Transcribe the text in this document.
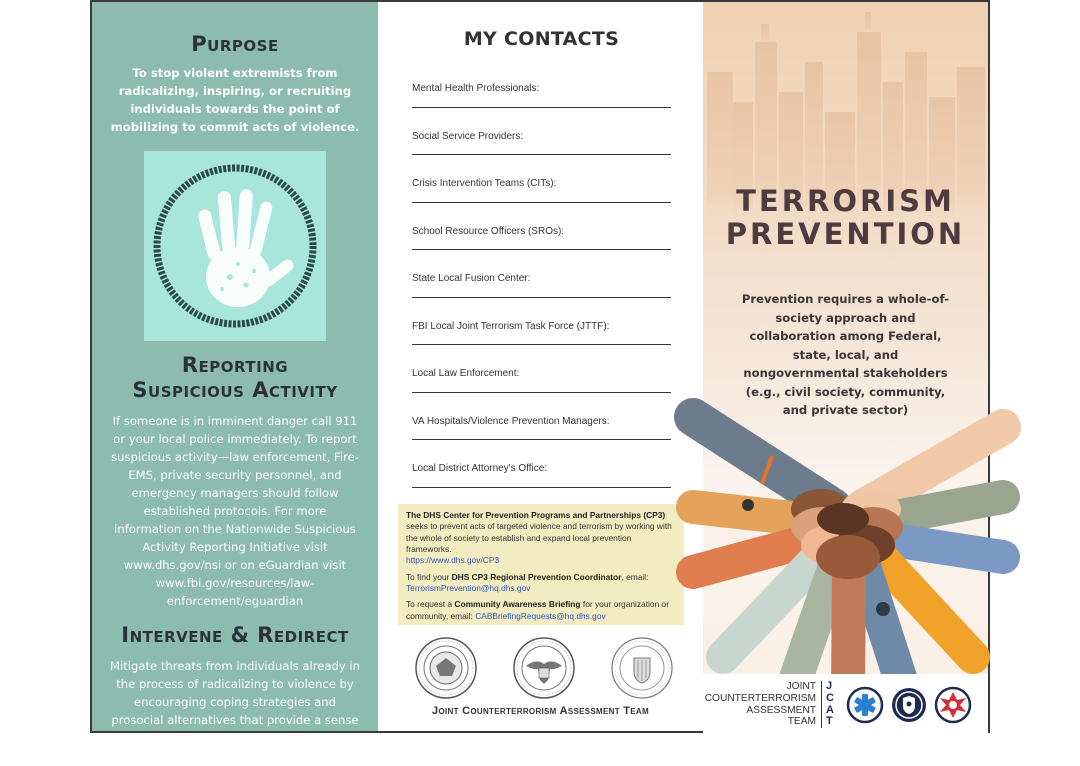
Purpose

To stop violent extremists from radicalizing, inspiring, or recruiting individuals towards the point of mobilizing to commit acts of violence.

Reporting
Suspicious Activity

If someone is in imminent danger call 911 or your local police immediately. To report suspicious activity—law enforcement, Fire-EMS, private security personnel, and emergency managers should follow established protocols. For more information on the Nationwide Suspicious Activity Reporting Initiative visit www.dhs.gov/nsi or on eGuardian visit www.fbi.gov/resources/law-enforcement/eguardian

Intervene & Redirect

Mitigate threats from individuals already in the process of radicalizing to violence by encouraging coping strategies and prosocial alternatives that provide a sense of community cohesiveness and belonging.

MY CONTACTS
Mental Health Professionals:
Social Service Providers:
Crisis Intervention Teams (CITs):
School Resource Officers (SROs):
State Local Fusion Center:
FBI Local Joint Terrorism Task Force (JTTF):
Local Law Enforcement:
VA Hospitals/Violence Prevention Managers:
Local District Attorney's Office:

The DHS Center for Prevention Programs and Partnerships (CP3) seeks to prevent acts of targeted violence and terrorism by working with the whole of society to establish and expand local prevention frameworks.
https://www.dhs.gov/CP3

To find your DHS CP3 Regional Prevention Coordinator, email:
TerrorismPrevention@hq.dhs.gov

To request a Community Awareness Briefing for your organization or community, email: CABBriefingRequests@hq.dhs.gov

Joint Counterterrorism Assessment Team
TERRORISM
PREVENTION

Prevention requires a whole-of-society approach and collaboration among Federal, state, local, and nongovernmental stakeholders (e.g., civil society, community, and private sector)

JOINT
COUNTERTERRORISM
ASSESSMENT
TEAM
J
C
A
T
